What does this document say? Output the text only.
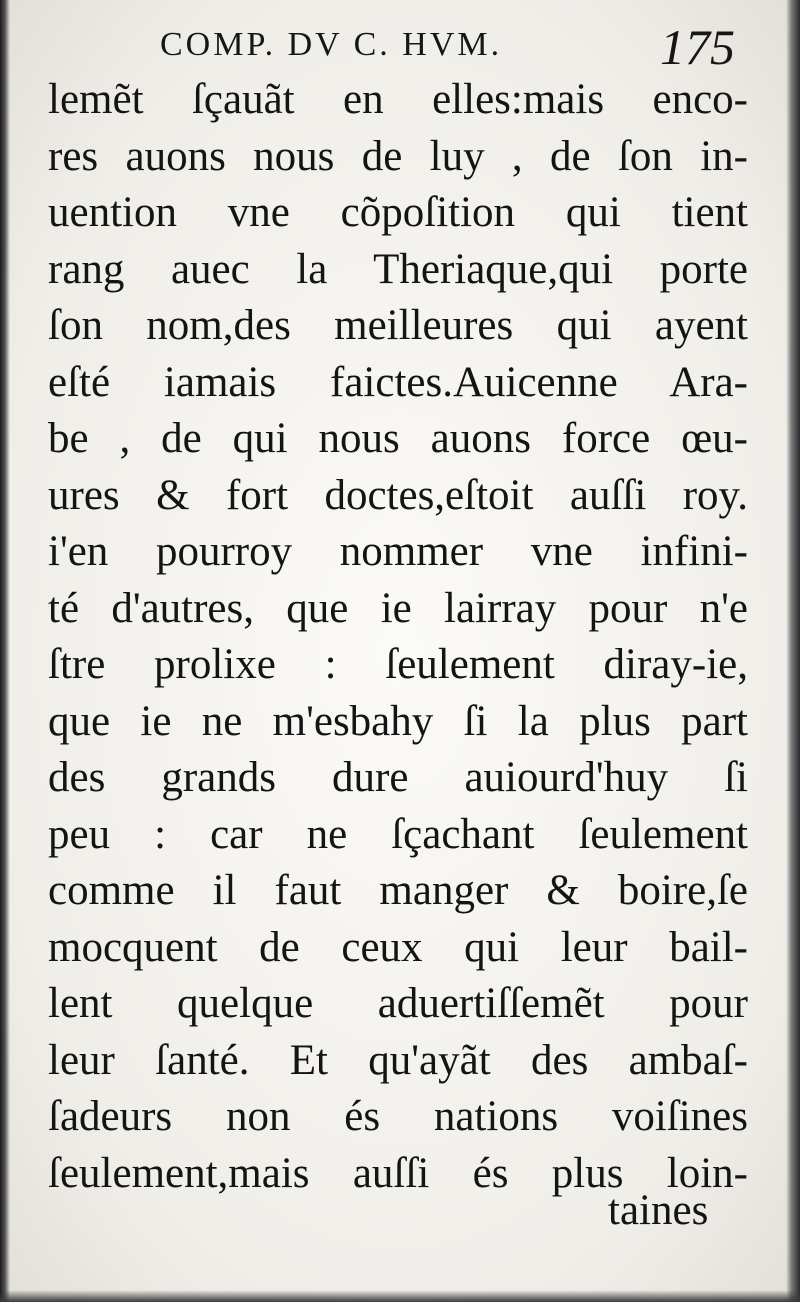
COMP. DV C. HVM.	175
lemẽt ſçauãt en elles:mais enco-
res auons nous de luy , de ſon in-
uention vne cõpoſition qui tient
rang auec la Theriaque,qui porte
ſon nom,des meilleures qui ayent
eſté iamais faictes.Auicenne Ara-
be , de qui nous auons force œu-
ures & fort doctes,eſtoit auſſi roy.
i'en pourroy nommer vne infini-
té d'autres, que ie lairray pour n'e
ſtre prolixe : ſeulement diray-ie,
que ie ne m'esbahy ſi la plus part
des grands dure auiourd'huy ſi
peu : car ne ſçachant ſeulement
comme il faut manger & boire,ſe
mocquent de ceux qui leur bail-
lent quelque aduertiſſemẽt pour
leur ſanté. Et qu'ayãt des ambaſ-
ſadeurs non és nations voiſines
ſeulement,mais auſſi és plus loin-
taines
